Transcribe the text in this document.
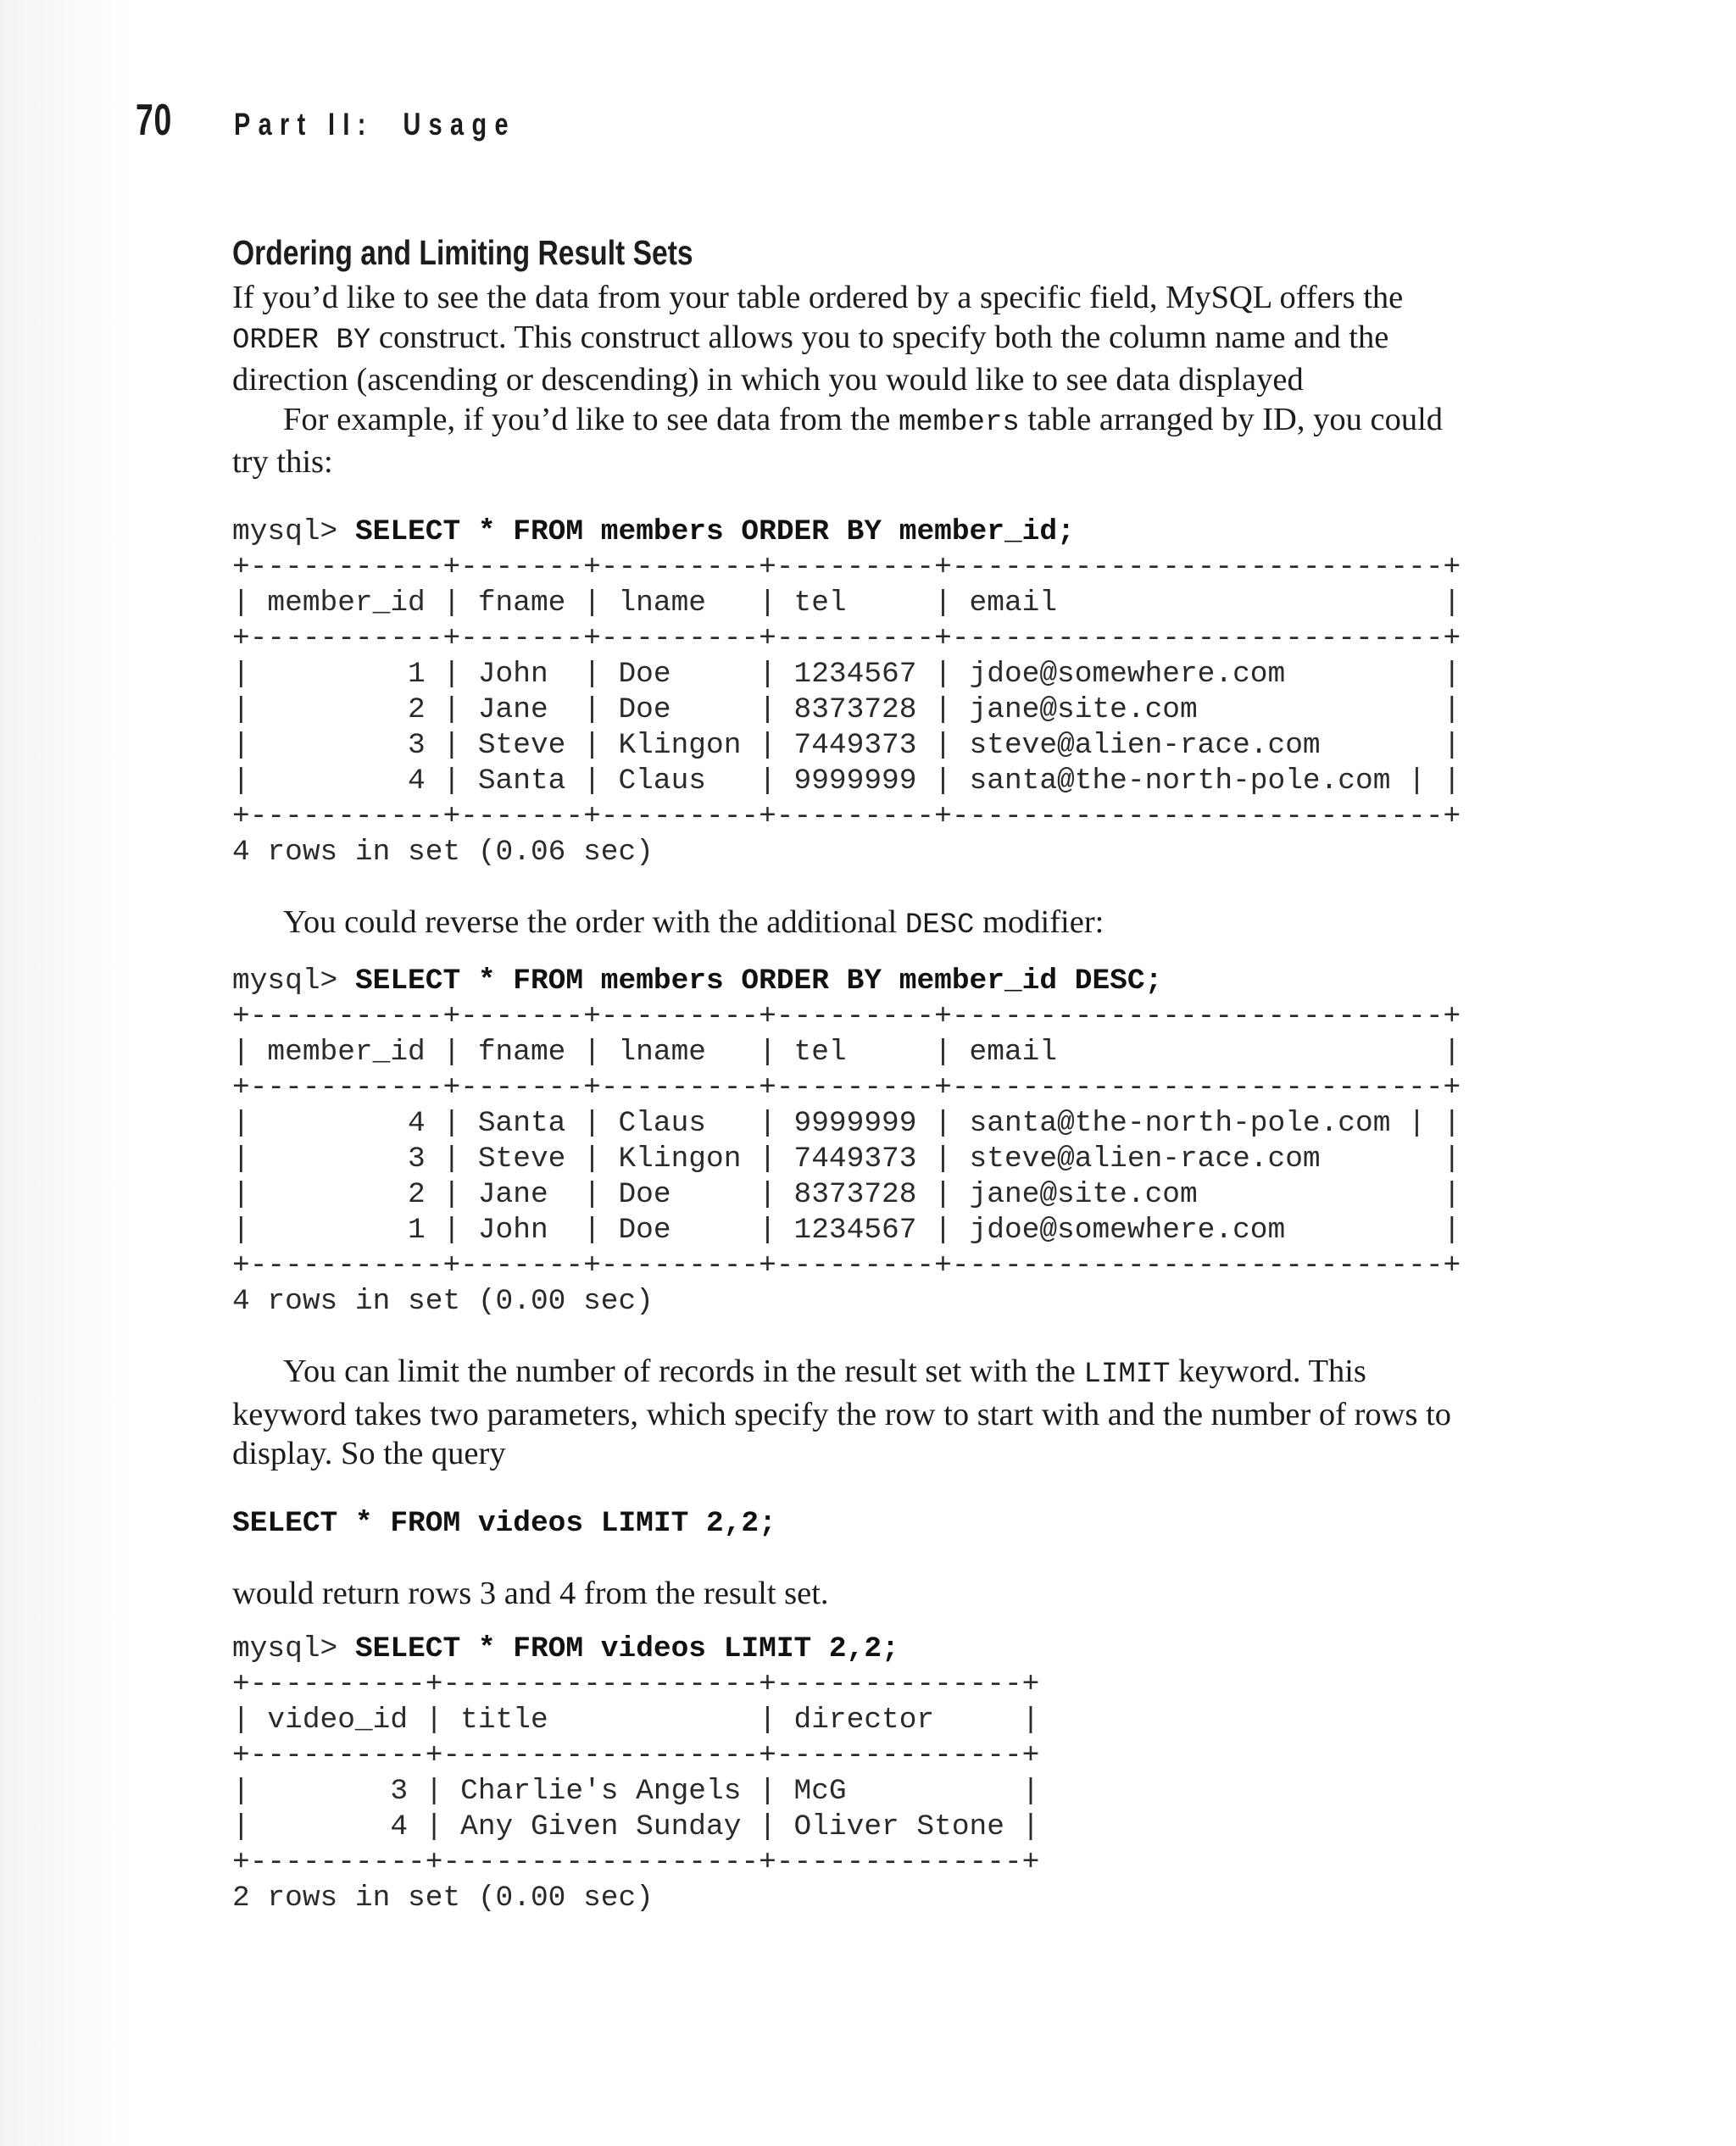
70 Part II:  Usage
Ordering and Limiting Result Sets

If you’d like to see the data from your table ordered by a specific field, MySQL offers the ORDER BY construct. This construct allows you to specify both the column name and the direction (ascending or descending) in which you would like to see data displayed

For example, if you’d like to see data from the members table arranged by ID, you could try this:

mysql> SELECT * FROM members ORDER BY member_id;
+-----------+-------+---------+---------+----------------------------+
| member_id | fname | lname   | tel     | email                      |
+-----------+-------+---------+---------+----------------------------+
|         1 | John  | Doe     | 1234567 | jdoe@somewhere.com         |
|         2 | Jane  | Doe     | 8373728 | jane@site.com              |
|         3 | Steve | Klingon | 7449373 | steve@alien-race.com       |
|         4 | Santa | Claus   | 9999999 | santa@the-north-pole.com | |
+-----------+-------+---------+---------+----------------------------+
4 rows in set (0.06 sec)

You could reverse the order with the additional DESC modifier:

mysql> SELECT * FROM members ORDER BY member_id DESC;
+-----------+-------+---------+---------+----------------------------+
| member_id | fname | lname   | tel     | email                      |
+-----------+-------+---------+---------+----------------------------+
|         4 | Santa | Claus   | 9999999 | santa@the-north-pole.com | |
|         3 | Steve | Klingon | 7449373 | steve@alien-race.com       |
|         2 | Jane  | Doe     | 8373728 | jane@site.com              |
|         1 | John  | Doe     | 1234567 | jdoe@somewhere.com         |
+-----------+-------+---------+---------+----------------------------+
4 rows in set (0.00 sec)

You can limit the number of records in the result set with the LIMIT keyword. This keyword takes two parameters, which specify the row to start with and the number of rows to display. So the query

SELECT * FROM videos LIMIT 2,2;

would return rows 3 and 4 from the result set.

mysql> SELECT * FROM videos LIMIT 2,2;
+----------+------------------+--------------+
| video_id | title            | director     |
+----------+------------------+--------------+
|        3 | Charlie's Angels | McG          |
|        4 | Any Given Sunday | Oliver Stone |
+----------+------------------+--------------+
2 rows in set (0.00 sec)
